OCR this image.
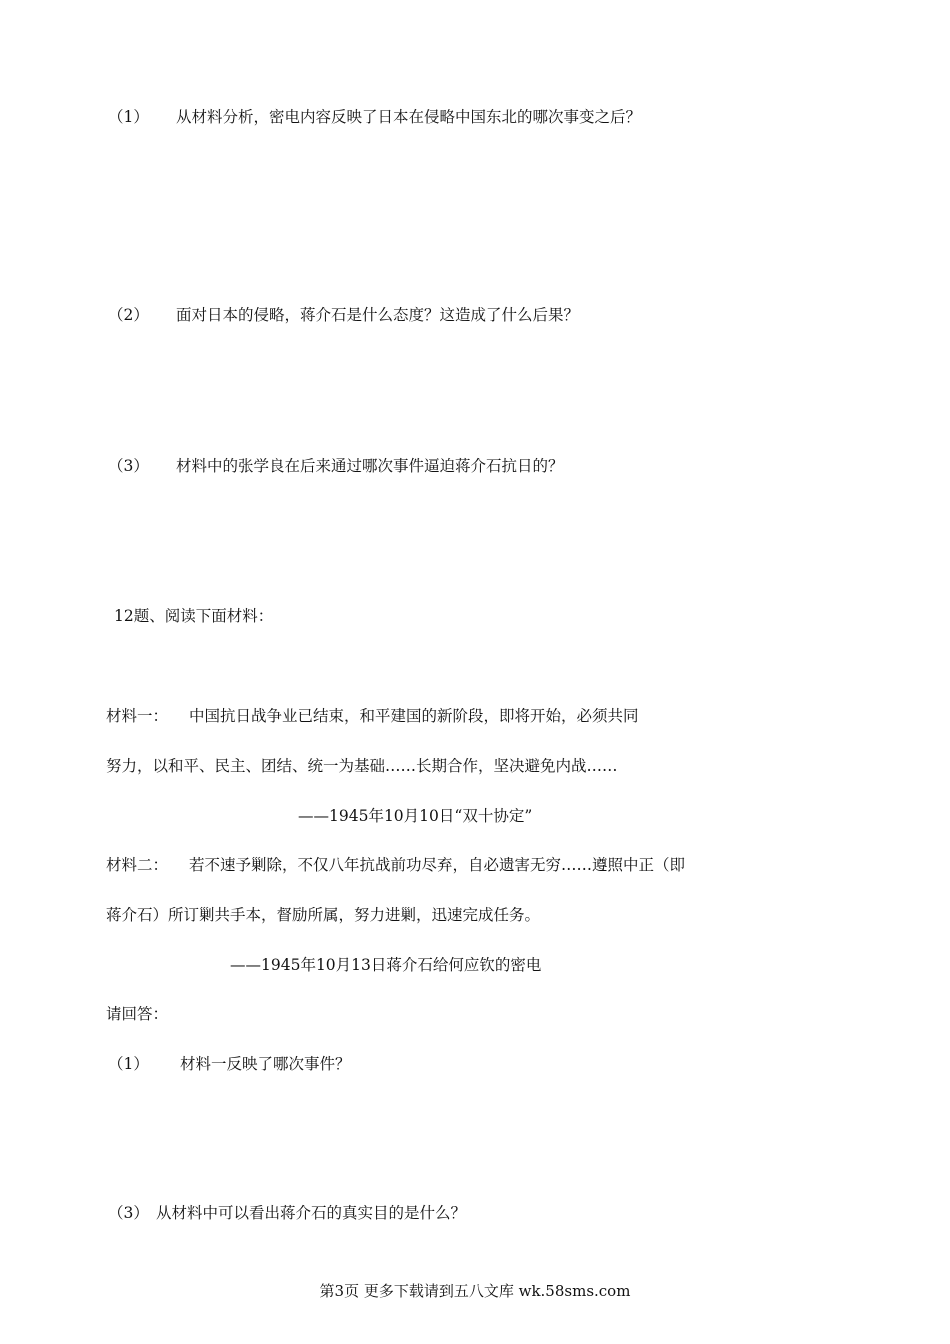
（1） 从材料分析，密电内容反映了日本在侵略中国东北的哪次事变之后？
（2） 面对日本的侵略，蒋介石是什么态度？这造成了什么后果？
（3） 材料中的张学良在后来通过哪次事件逼迫蒋介石抗日的？
12题、阅读下面材料：
材料一： 中国抗日战争业已结束，和平建国的新阶段，即将开始，必须共同
努力，以和平、民主、团结、统一为基础……长期合作，坚决避免内战……
——1945年10月10日“双十协定”
材料二： 若不速予剿除，不仅八年抗战前功尽弃，自必遗害无穷……遵照中正（即
蒋介石）所订剿共手本，督励所属，努力进剿，迅速完成任务。
——1945年10月13日蒋介石给何应钦的密电
请回答：
（1） 材料一反映了哪次事件？
（3） 从材料中可以看出蒋介石的真实目的是什么？
第3页 更多下载请到五八文库 wk.58sms.com
